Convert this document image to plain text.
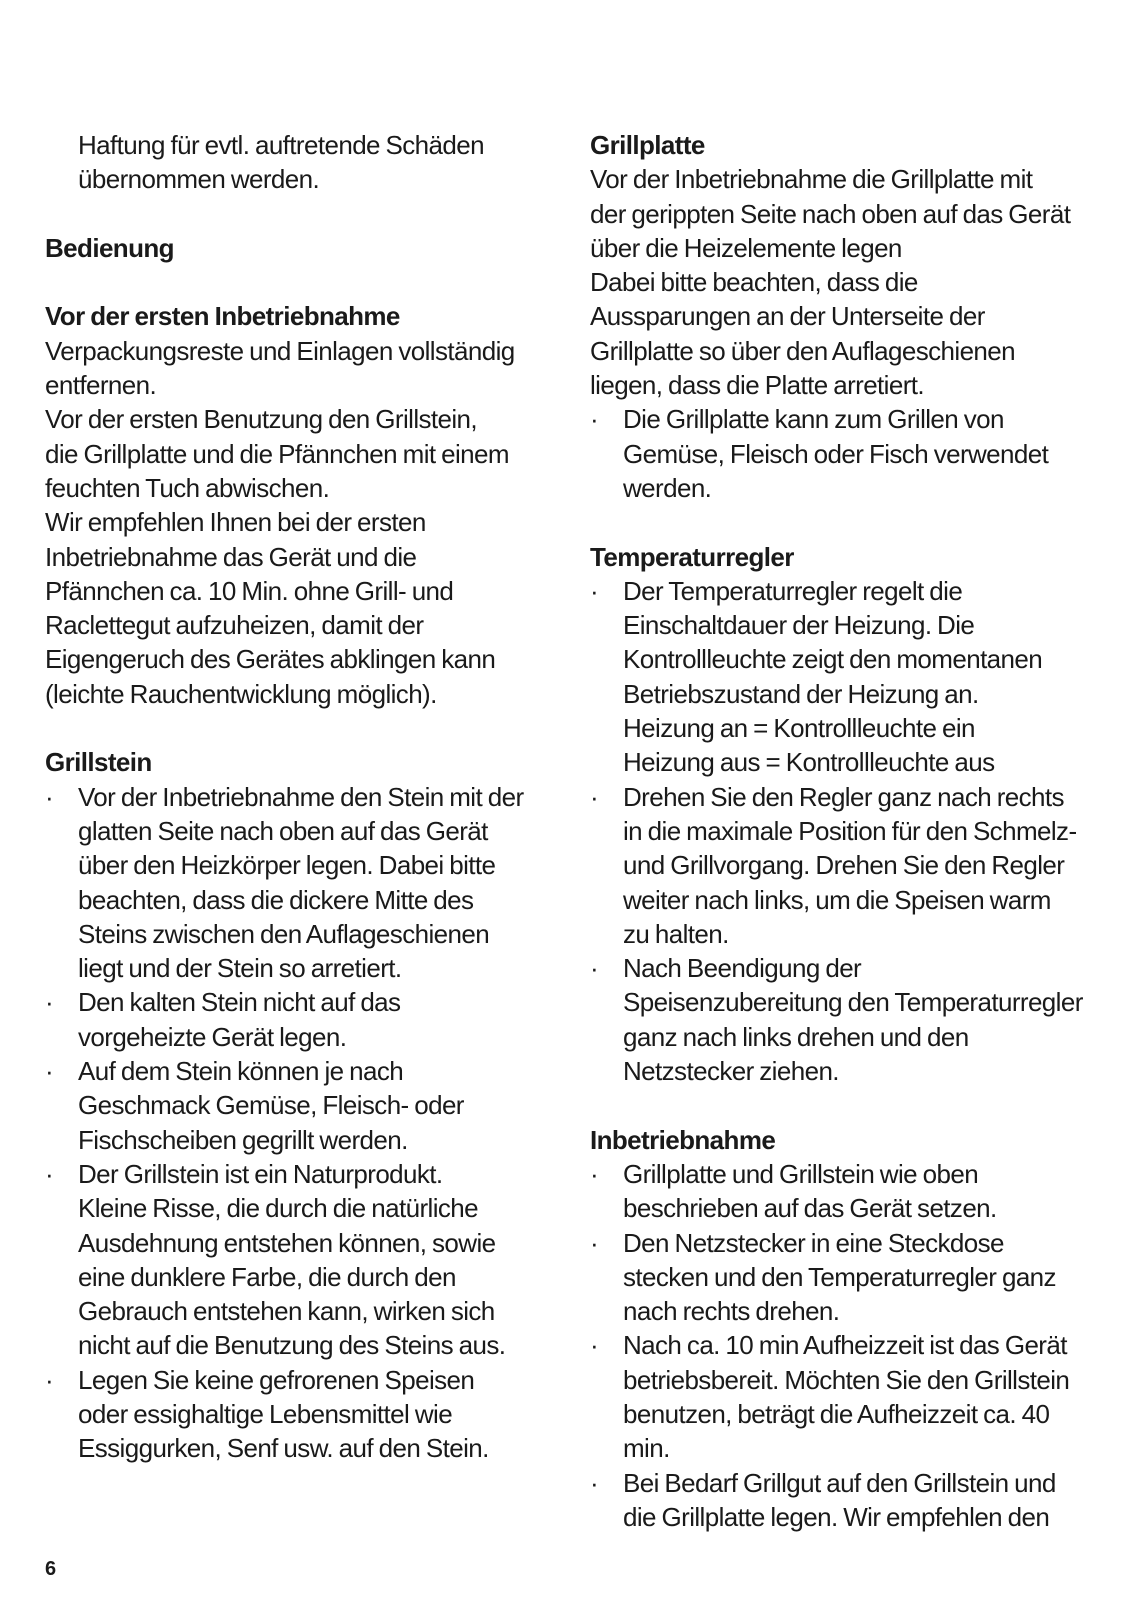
Haftung für evtl. auftretende Schäden
übernommen werden.
Bedienung
Vor der ersten Inbetriebnahme
Verpackungsreste und Einlagen vollständig
entfernen.
Vor der ersten Benutzung den Grillstein,
die Grillplatte und die Pfännchen mit einem
feuchten Tuch abwischen.
Wir empfehlen Ihnen bei der ersten
Inbetriebnahme das Gerät und die
Pfännchen ca. 10 Min. ohne Grill- und
Raclettegut aufzuheizen, damit der
Eigengeruch des Gerätes abklingen kann
(leichte Rauchentwicklung möglich).
Grillstein
· Vor der Inbetriebnahme den Stein mit der
glatten Seite nach oben auf das Gerät
über den Heizkörper legen. Dabei bitte
beachten, dass die dickere Mitte des
Steins zwischen den Auflageschienen
liegt und der Stein so arretiert.
· Den kalten Stein nicht auf das
vorgeheizte Gerät legen.
· Auf dem Stein können je nach
Geschmack Gemüse, Fleisch- oder
Fischscheiben gegrillt werden.
· Der Grillstein ist ein Naturprodukt.
Kleine Risse, die durch die natürliche
Ausdehnung entstehen können, sowie
eine dunklere Farbe, die durch den
Gebrauch entstehen kann, wirken sich
nicht auf die Benutzung des Steins aus.
· Legen Sie keine gefrorenen Speisen
oder essighaltige Lebensmittel wie
Essiggurken, Senf usw. auf den Stein.
Grillplatte
Vor der Inbetriebnahme die Grillplatte mit
der gerippten Seite nach oben auf das Gerät
über die Heizelemente legen
Dabei bitte beachten, dass die
Aussparungen an der Unterseite der
Grillplatte so über den Auflageschienen
liegen, dass die Platte arretiert.
· Die Grillplatte kann zum Grillen von
Gemüse, Fleisch oder Fisch verwendet
werden.
Temperaturregler
· Der Temperaturregler regelt die
Einschaltdauer der Heizung. Die
Kontrollleuchte zeigt den momentanen
Betriebszustand der Heizung an.
Heizung an = Kontrollleuchte ein
Heizung aus = Kontrollleuchte aus
· Drehen Sie den Regler ganz nach rechts
in die maximale Position für den Schmelz-
und Grillvorgang. Drehen Sie den Regler
weiter nach links, um die Speisen warm
zu halten.
· Nach Beendigung der
Speisenzubereitung den Temperaturregler
ganz nach links drehen und den
Netzstecker ziehen.
Inbetriebnahme
· Grillplatte und Grillstein wie oben
beschrieben auf das Gerät setzen.
· Den Netzstecker in eine Steckdose
stecken und den Temperaturregler ganz
nach rechts drehen.
· Nach ca. 10 min Aufheizzeit ist das Gerät
betriebsbereit. Möchten Sie den Grillstein
benutzen, beträgt die Aufheizzeit ca. 40
min.
· Bei Bedarf Grillgut auf den Grillstein und
die Grillplatte legen. Wir empfehlen den
6
